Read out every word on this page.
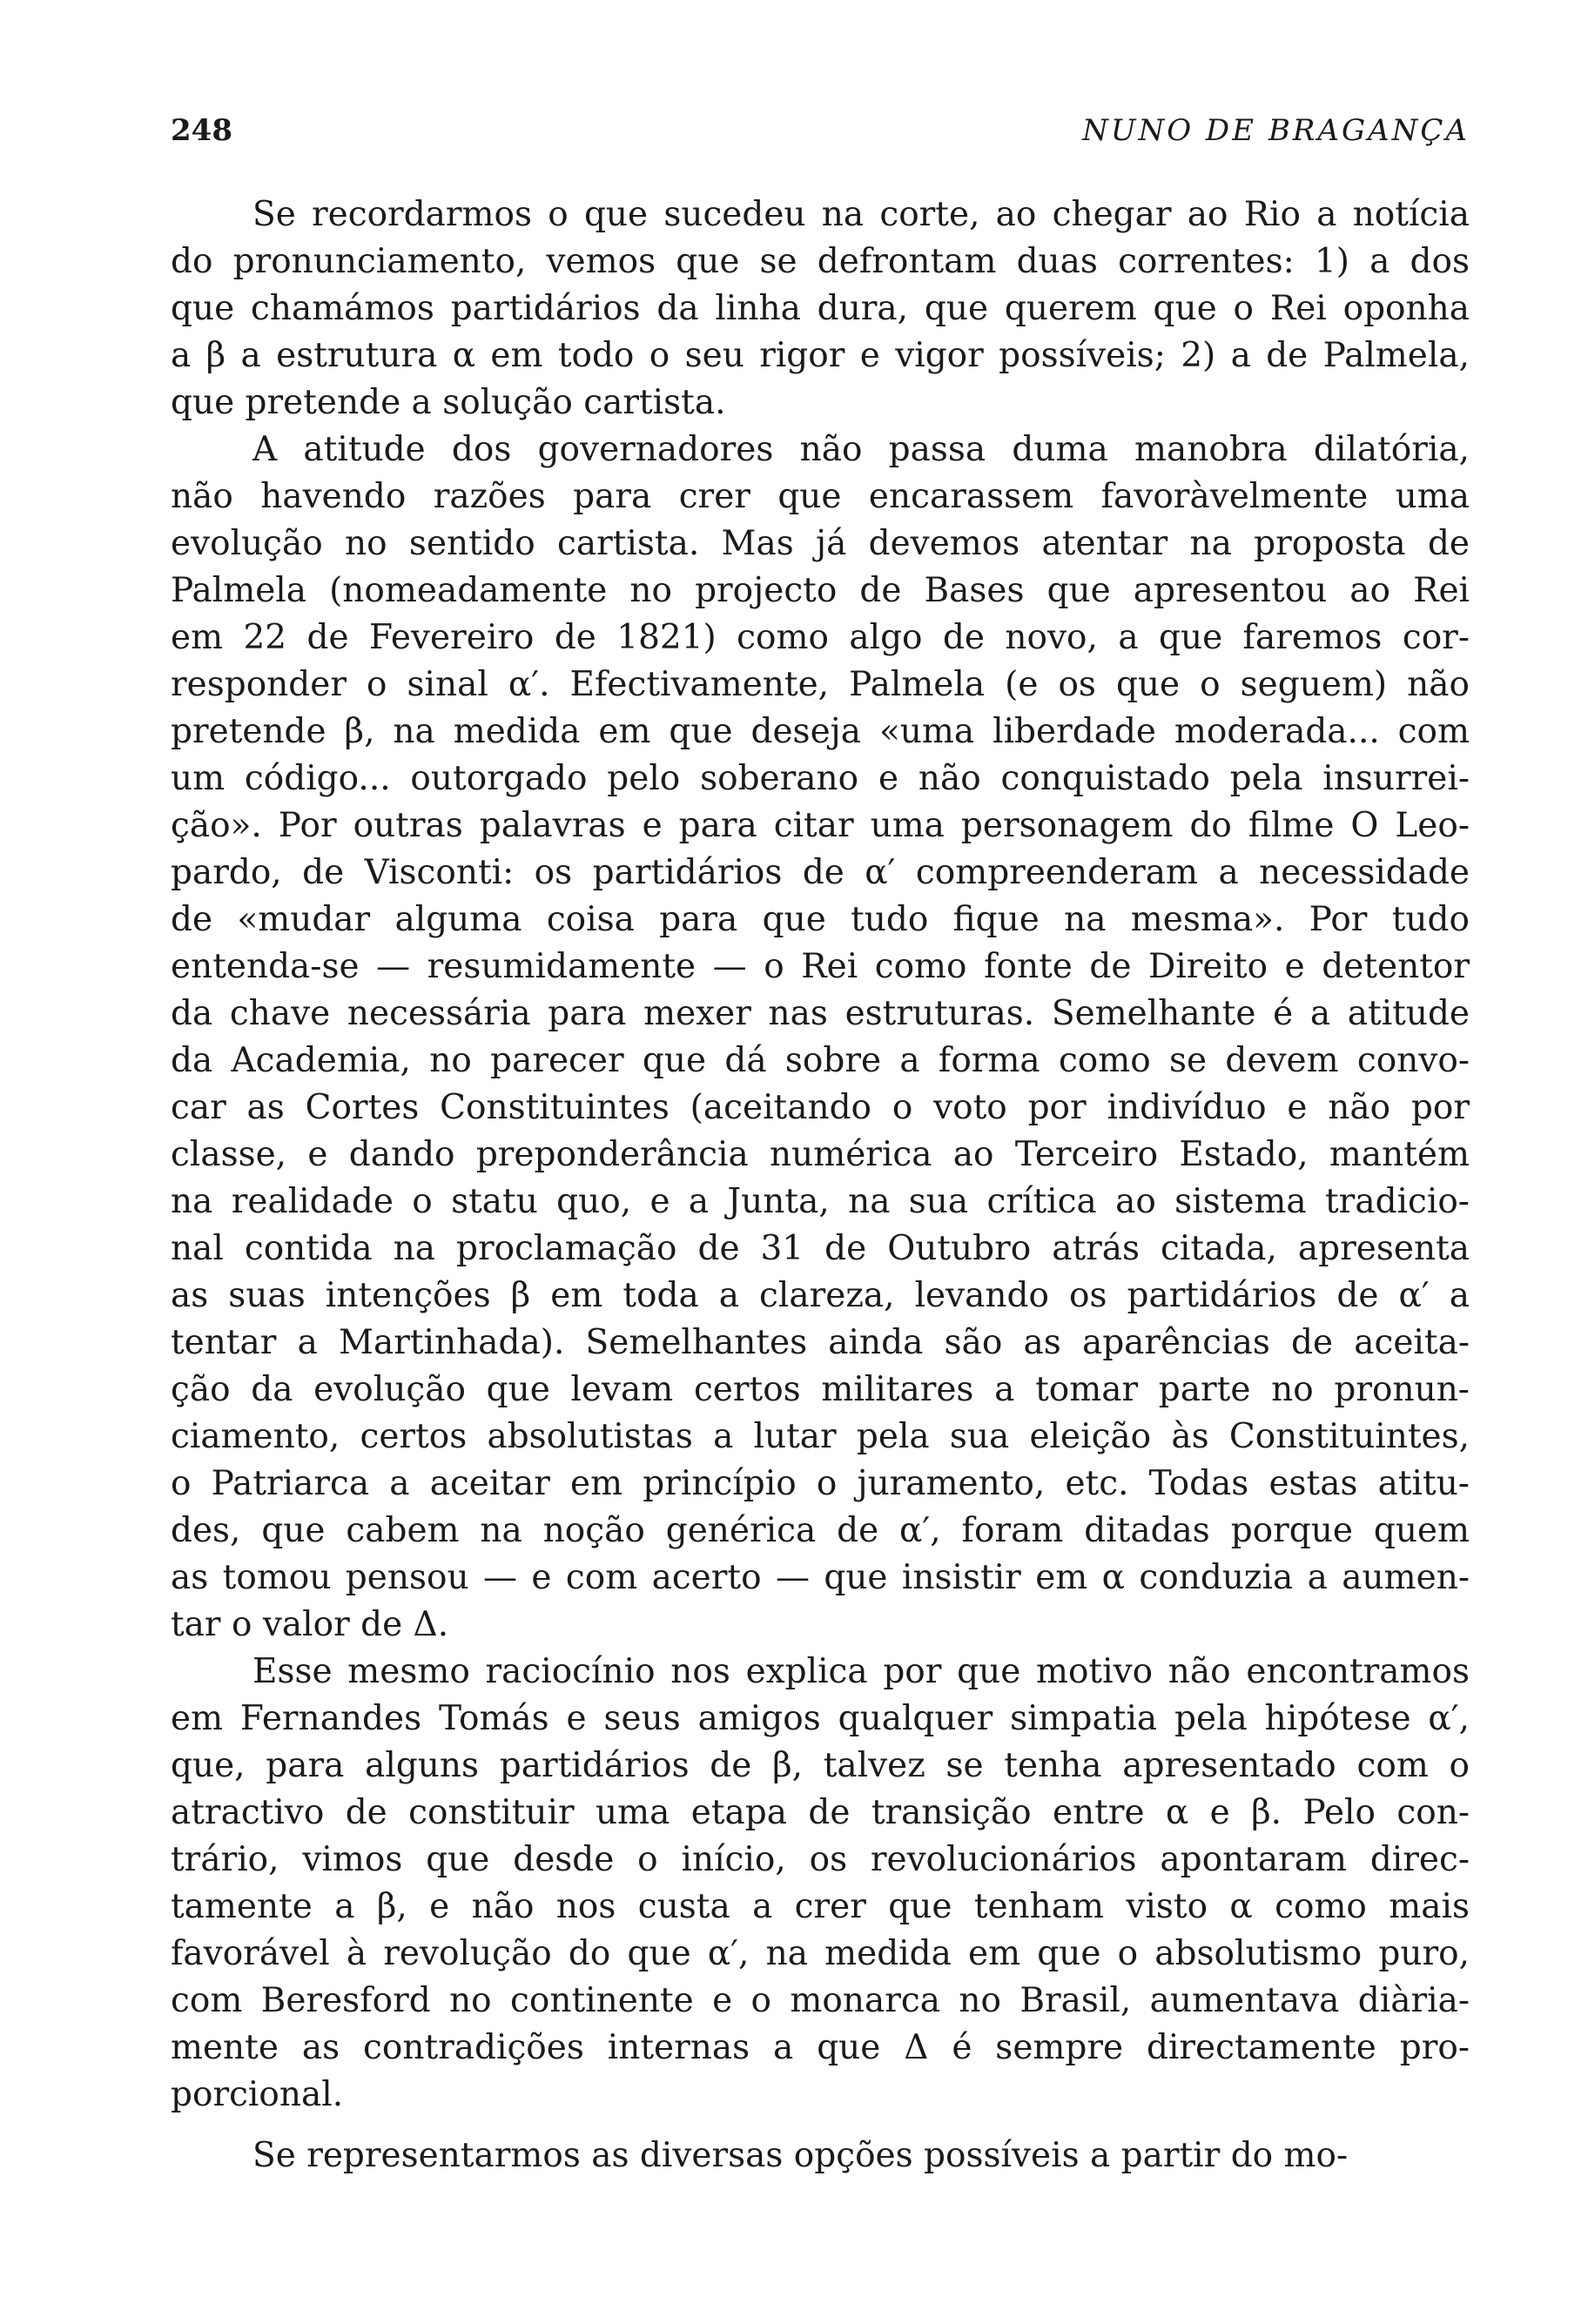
248	NUNO DE BRAGANÇA
Se recordarmos o que sucedeu na corte, ao chegar ao Rio a notícia
do pronunciamento, vemos que se defrontam duas correntes: 1) a dos
que chamámos partidários da linha dura, que querem que o Rei oponha
a β a estrutura α em todo o seu rigor e vigor possíveis; 2) a de Palmela,
que pretende a solução cartista.
A atitude dos governadores não passa duma manobra dilatória,
não havendo razões para crer que encarassem favoràvelmente uma
evolução no sentido cartista. Mas já devemos atentar na proposta de
Palmela (nomeadamente no projecto de Bases que apresentou ao Rei
em 22 de Fevereiro de 1821) como algo de novo, a que faremos cor-
responder o sinal α′. Efectivamente, Palmela (e os que o seguem) não
pretende β, na medida em que deseja «uma liberdade moderada... com
um código... outorgado pelo soberano e não conquistado pela insurrei-
ção». Por outras palavras e para citar uma personagem do filme O Leo-
pardo, de Visconti: os partidários de α′ compreenderam a necessidade
de «mudar alguma coisa para que tudo fique na mesma». Por tudo
entenda-se — resumidamente — o Rei como fonte de Direito e detentor
da chave necessária para mexer nas estruturas. Semelhante é a atitude
da Academia, no parecer que dá sobre a forma como se devem convo-
car as Cortes Constituintes (aceitando o voto por indivíduo e não por
classe, e dando preponderância numérica ao Terceiro Estado, mantém
na realidade o statu quo, e a Junta, na sua crítica ao sistema tradicio-
nal contida na proclamação de 31 de Outubro atrás citada, apresenta
as suas intenções β em toda a clareza, levando os partidários de α′ a
tentar a Martinhada). Semelhantes ainda são as aparências de aceita-
ção da evolução que levam certos militares a tomar parte no pronun-
ciamento, certos absolutistas a lutar pela sua eleição às Constituintes,
o Patriarca a aceitar em princípio o juramento, etc. Todas estas atitu-
des, que cabem na noção genérica de α′, foram ditadas porque quem
as tomou pensou — e com acerto — que insistir em α conduzia a aumen-
tar o valor de Δ.
Esse mesmo raciocínio nos explica por que motivo não encontramos
em Fernandes Tomás e seus amigos qualquer simpatia pela hipótese α′,
que, para alguns partidários de β, talvez se tenha apresentado com o
atractivo de constituir uma etapa de transição entre α e β. Pelo con-
trário, vimos que desde o início, os revolucionários apontaram direc-
tamente a β, e não nos custa a crer que tenham visto α como mais
favorável à revolução do que α′, na medida em que o absolutismo puro,
com Beresford no continente e o monarca no Brasil, aumentava diària-
mente as contradições internas a que Δ é sempre directamente pro-
porcional.
Se representarmos as diversas opções possíveis a partir do mo-
